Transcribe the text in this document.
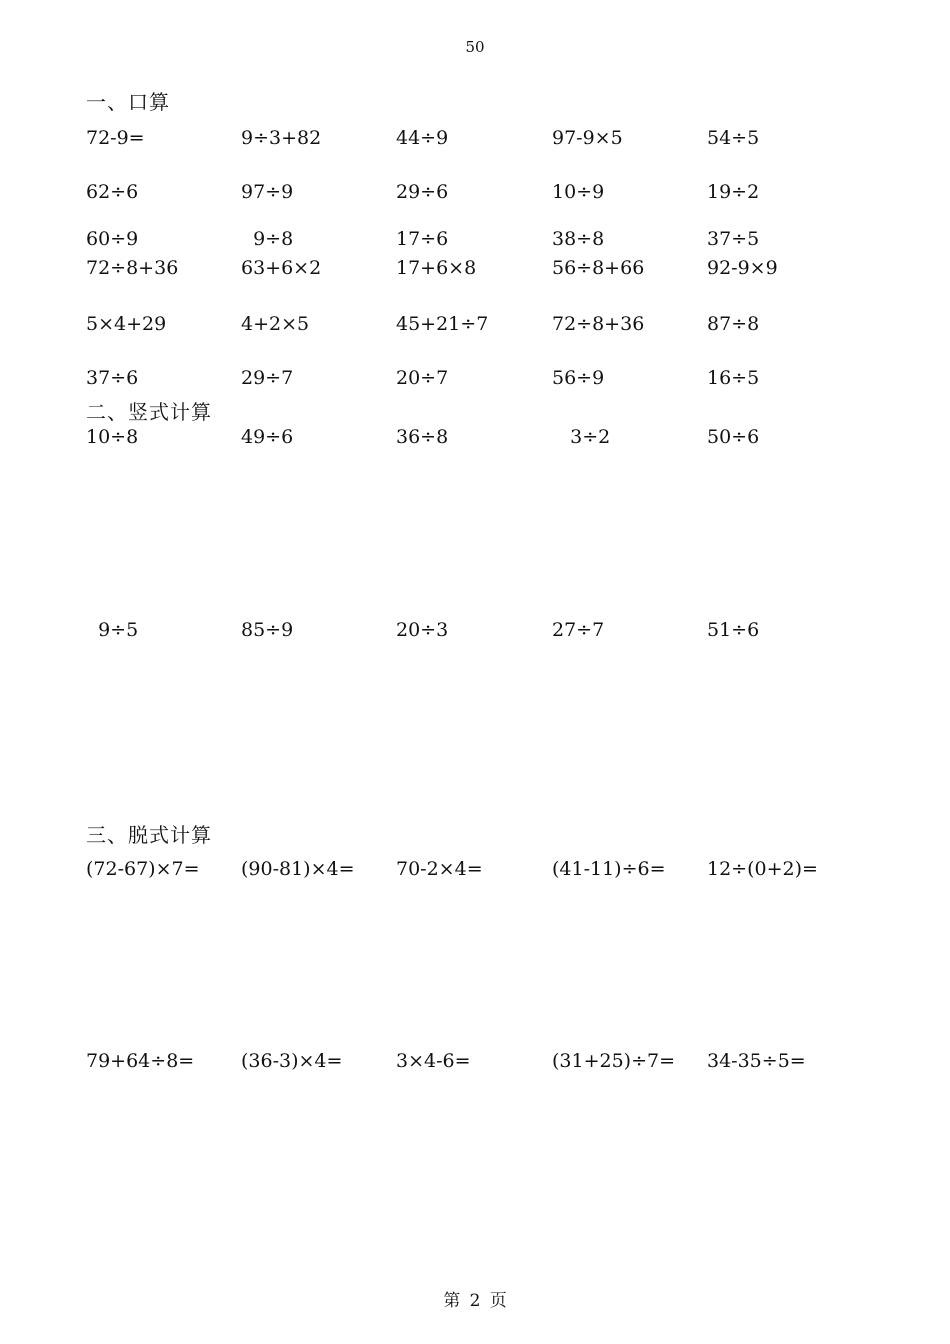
50
一、口算
72-9=	9÷3+82	44÷9	97-9×5	54÷5
62÷6	97÷9	29÷6	10÷9	19÷2
60÷9	9÷8	17÷6	38÷8	37÷5
72÷8+36	63+6×2	17+6×8	56÷8+66	92-9×9
5×4+29	4+2×5	45+21÷7	72÷8+36	87÷8
37÷6	29÷7	20÷7	56÷9	16÷5
二、竖式计算
10÷8	49÷6	36÷8	3÷2	50÷6
9÷5	85÷9	20÷3	27÷7	51÷6
三、脱式计算
(72-67)×7= (90-81)×4= 70-2×4=	(41-11)÷6= 12÷(0+2)=
79+64÷8= (36-3)×4=	3×4-6=	(31+25)÷7= 34-35÷5=
第 2 页
